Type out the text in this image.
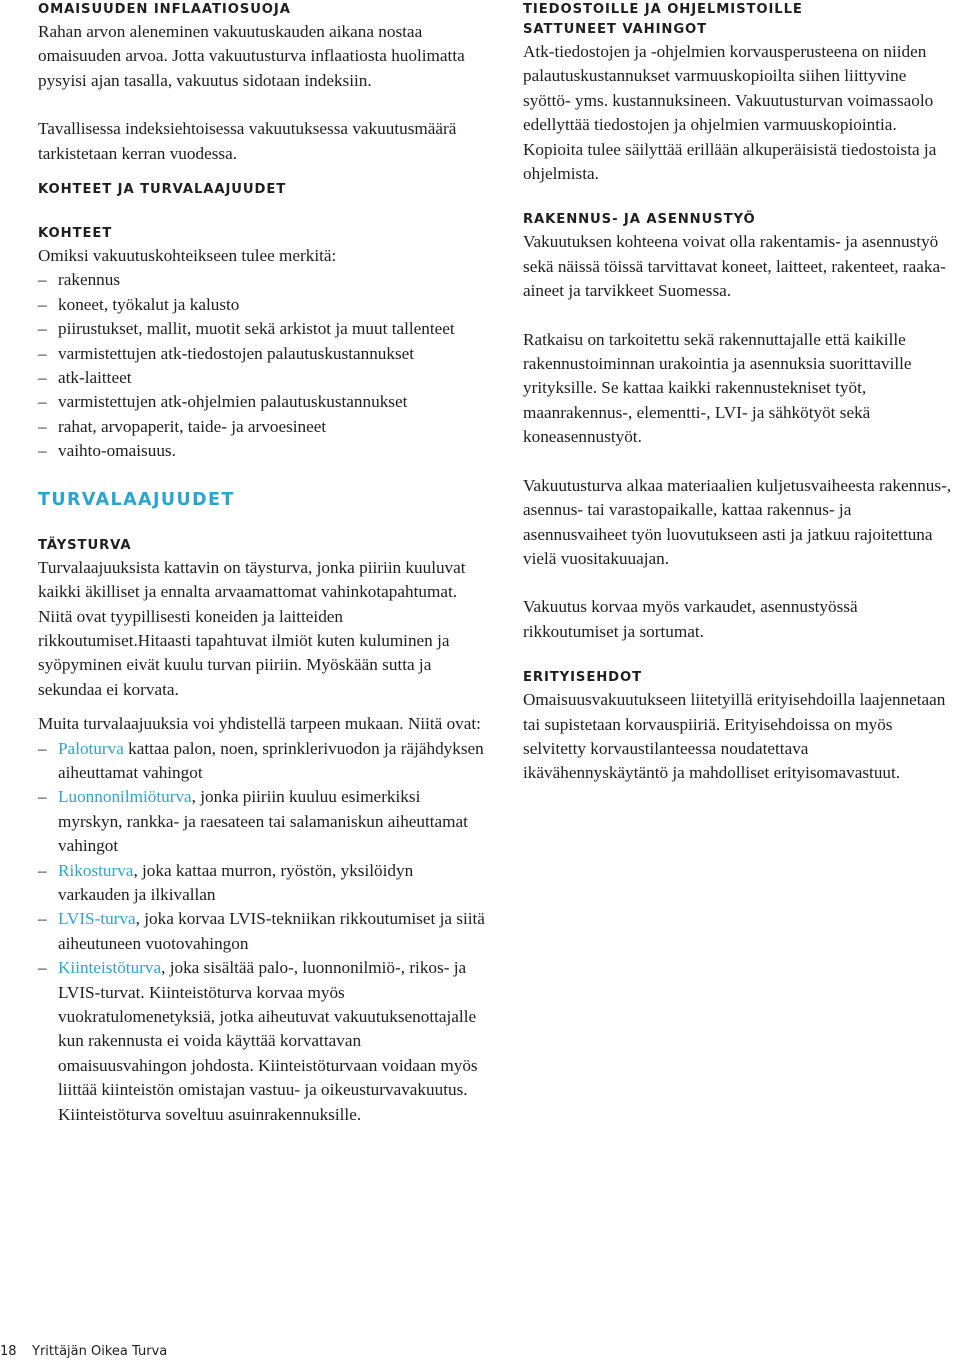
OMAISUUDEN INFLAATIOSUOJA

Rahan arvon aleneminen vakuutuskauden aikana nostaa omaisuuden arvoa. Jotta vakuutusturva inflaatiosta huolimatta pysyisi ajan tasalla, vakuutus sidotaan indeksiin.

Tavallisessa indeksiehtoisessa vakuutuksessa vakuutusmäärä tarkistetaan kerran vuodessa.

KOHTEET JA TURVALAAJUUDET
KOHTEET

Omiksi vakuutuskohteikseen tulee merkitä:

– rakennus
– koneet, työkalut ja kalusto
– piirustukset, mallit, muotit sekä arkistot ja muut tallenteet
– varmistettujen atk-tiedostojen palautuskustannukset
– atk-laitteet
– varmistettujen atk-ohjelmien palautuskustannukset
– rahat, arvopaperit, taide- ja arvoesineet
– vaihto-omaisuus.
TURVALAAJUUDET
TÄYSTURVA

Turvalaajuuksista kattavin on täysturva, jonka piiriin kuuluvat kaikki äkilliset ja ennalta arvaamattomat vahinkotapahtumat. Niitä ovat tyypillisesti koneiden ja laitteiden rikkoutumiset.Hitaasti tapahtuvat ilmiöt kuten kuluminen ja syöpyminen eivät kuulu turvan piiriin. Myöskään sutta ja sekundaa ei korvata.

Muita turvalaajuuksia voi yhdistellä tarpeen mukaan. Niitä ovat:

– Paloturva kattaa palon, noen, sprinklerivuodon ja räjähdyksen aiheuttamat vahingot
– Luonnonilmiöturva, jonka piiriin kuuluu esimerkiksi myrskyn, rankka- ja raesateen tai salamaniskun aiheuttamat vahingot
– Rikosturva, joka kattaa murron, ryöstön, yksilöidyn varkauden ja ilkivallan
– LVIS-turva, joka korvaa LVIS-tekniikan rikkoutumiset ja siitä aiheutuneen vuotovahingon
– Kiinteistöturva, joka sisältää palo-, luonnonilmiö-, rikos- ja LVIS-turvat. Kiinteistöturva korvaa myös vuokratulomenetyksiä, jotka aiheutuvat vakuutuksenottajalle kun rakennusta ei voida käyttää korvattavan omaisuusvahingon johdosta. Kiinteistöturvaan voidaan myös liittää kiinteistön omistajan vastuu- ja oikeusturvavakuutus. Kiinteistöturva soveltuu asuinrakennuksille.
TIEDOSTOILLE JA OHJELMISTOILLE
SATTUNEET VAHINGOT

Atk-tiedostojen ja -ohjelmien korvausperusteena on niiden palautuskustannukset varmuuskopioilta siihen liittyvine syöttö- yms. kustannuksineen. Vakuutusturvan voimassaolo edellyttää tiedostojen ja ohjelmien varmuuskopiointia. Kopioita tulee säilyttää erillään alkuperäisistä tiedostoista ja ohjelmista.

RAKENNUS- JA ASENNUSTYÖ

Vakuutuksen kohteena voivat olla rakentamis- ja asennustyö sekä näissä töissä tarvittavat koneet, laitteet, rakenteet, raaka-aineet ja tarvikkeet Suomessa.

Ratkaisu on tarkoitettu sekä rakennuttajalle että kaikille rakennustoiminnan urakointia ja asennuksia suorittaville yrityksille. Se kattaa kaikki rakennustekniset työt, maanrakennus-, elementti-, LVI- ja sähkötyöt sekä koneasennustyöt.

Vakuutusturva alkaa materiaalien kuljetusvaiheesta rakennus-, asennus- tai varastopaikalle, kattaa rakennus- ja asennusvaiheet työn luovutukseen asti ja jatkuu rajoitettuna vielä vuositakuuajan.

Vakuutus korvaa myös varkaudet, asennustyössä rikkoutumiset ja sortumat.

ERITYISEHDOT

Omaisuusvakuutukseen liitetyillä erityisehdoilla laajennetaan tai supistetaan korvauspiiriä. Erityisehdoissa on myös selvitetty korvaustilanteessa noudatettava ikävähennyskäytäntö ja mahdolliset erityisomavastuut.

18 Yrittäjän Oikea Turva
